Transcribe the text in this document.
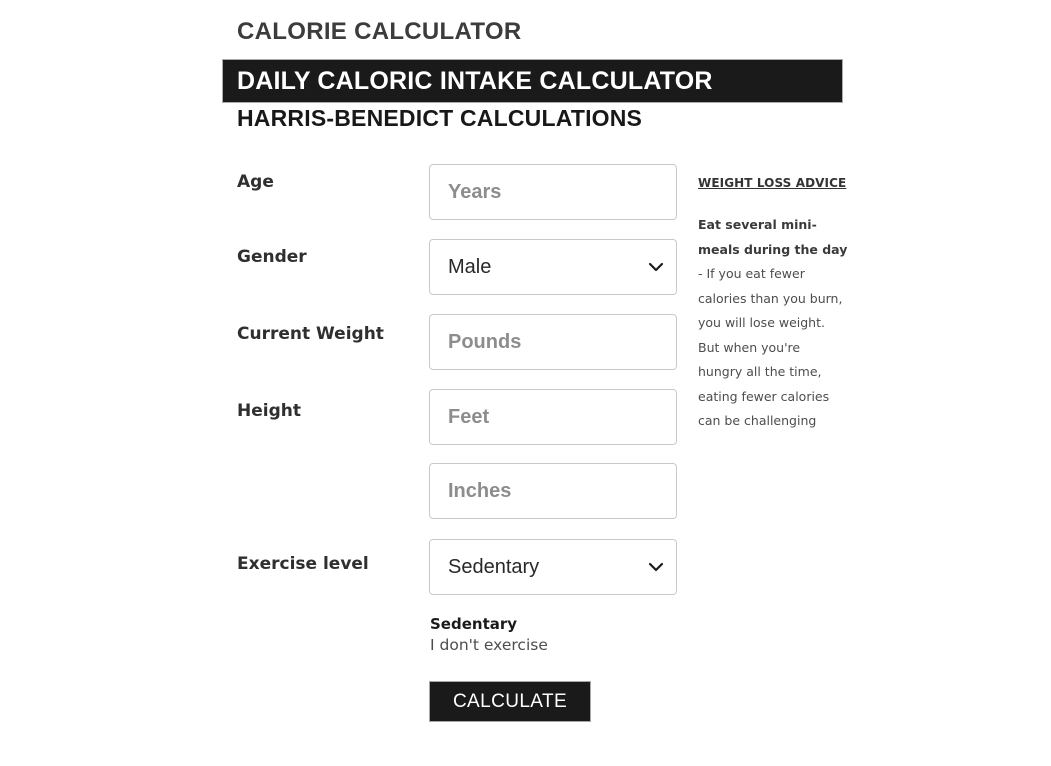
CALORIE CALCULATOR
DAILY CALORIC INTAKE CALCULATOR
HARRIS-BENEDICT CALCULATIONS
Age
Years
Gender
Male
Current Weight
Pounds
Height
Feet
Inches
Exercise level
Sedentary
Sedentary
I don't exercise
CALCULATE
WEIGHT LOSS ADVICE

Eat several mini-meals during the day - If you eat fewer calories than you burn, you will lose weight. But when you're hungry all the time, eating fewer calories can be challenging
